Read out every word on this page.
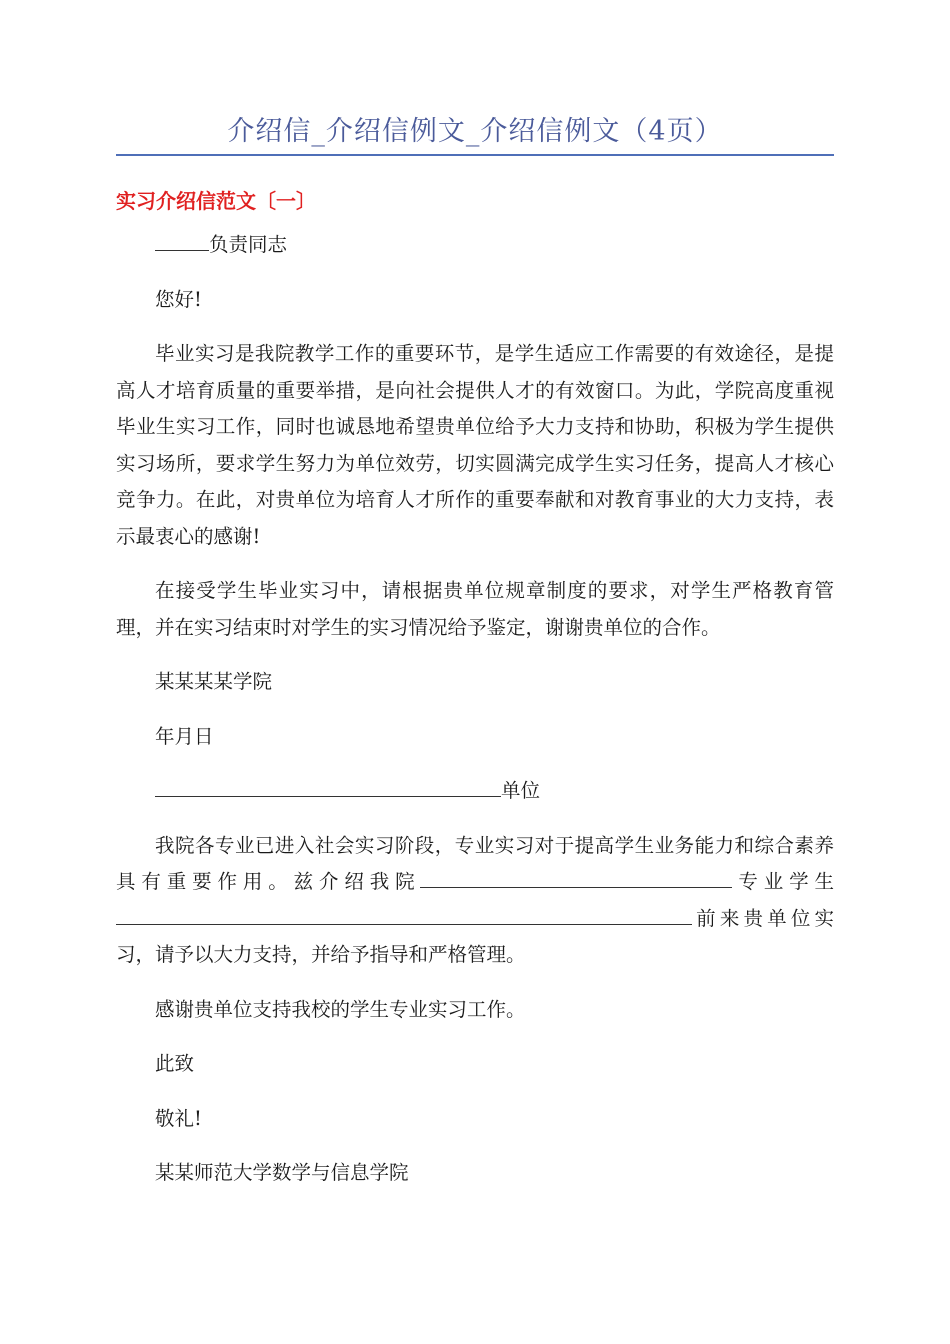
介绍信_介绍信例文_介绍信例文（4页）
实习介绍信范文〔一〕

负责同志

您好!

毕业实习是我院教学工作的重要环节，是学生适应工作需要的有效途径，是提高人才培育质量的重要举措，是向社会提供人才的有效窗口。为此，学院高度重视毕业生实习工作，同时也诚恳地希望贵单位给予大力支持和协助，积极为学生提供实习场所，要求学生努力为单位效劳，切实圆满完成学生实习任务，提高人才核心竞争力。在此，对贵单位为培育人才所作的重要奉献和对教育事业的大力支持，表示最衷心的感谢!

在接受学生毕业实习中，请根据贵单位规章制度的要求，对学生严格教育管理，并在实习结束时对学生的实习情况给予鉴定，谢谢贵单位的合作。

某某某某学院

年月日

单位

我院各专业已进入社会实习阶段，专业实习对于提高学生业务能力和综合素养具有重要作用。兹介绍我院	专业学生前来贵单位实习，请予以大力支持，并给予指导和严格管理。

感谢贵单位支持我校的学生专业实习工作。

此致

敬礼!

某某师范大学数学与信息学院
